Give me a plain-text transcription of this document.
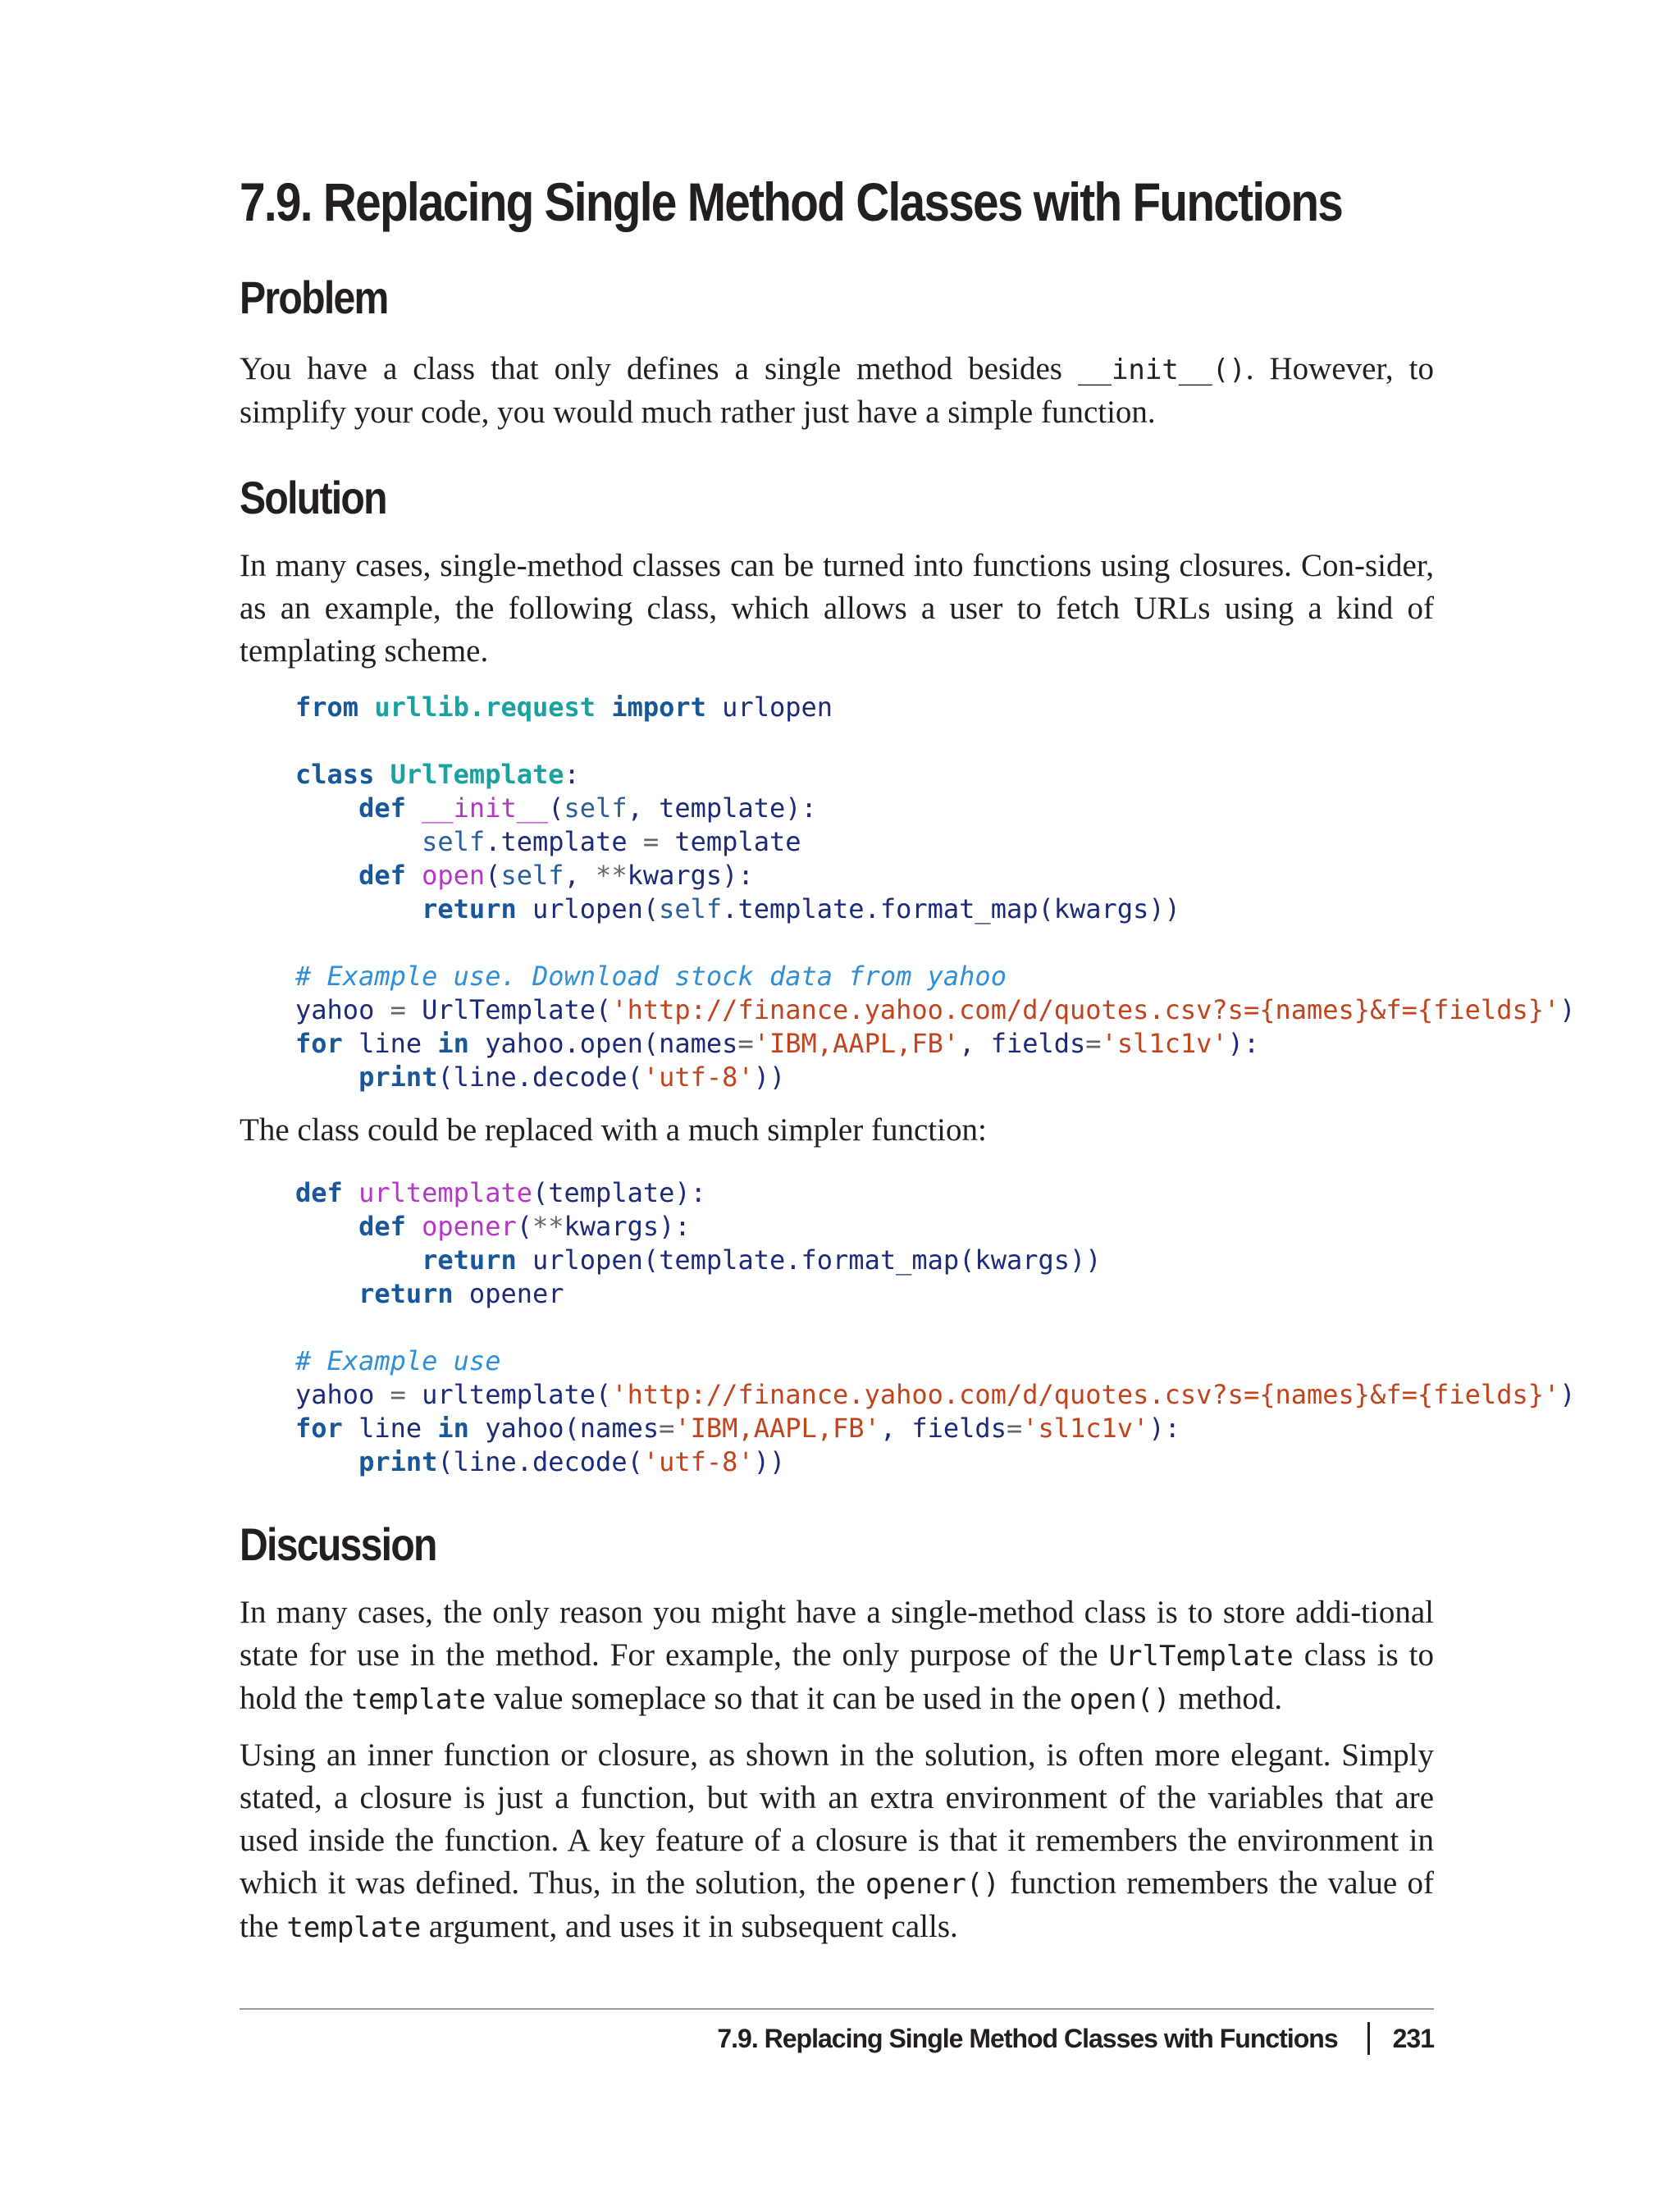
7.9. Replacing Single Method Classes with Functions
Problem

You have a class that only defines a single method besides __init__(). However, to simplify your code, you would much rather just have a simple function.

Solution

In many cases, single-method classes can be turned into functions using closures. Con-sider, as an example, the following class, which allows a user to fetch URLs using a kind of templating scheme.

from urllib.request import urlopen

class UrlTemplate:
def __init__(self, template):
self.template = template
def open(self, **kwargs):
return urlopen(self.template.format_map(kwargs))

# Example use. Download stock data from yahoo
yahoo = UrlTemplate('http://finance.yahoo.com/d/quotes.csv?s={names}&f={fields}')
for line in yahoo.open(names='IBM,AAPL,FB', fields='sl1c1v'):
print(line.decode('utf-8'))

The class could be replaced with a much simpler function:

def urltemplate(template):
def opener(**kwargs):
return urlopen(template.format_map(kwargs))
return opener

# Example use
yahoo = urltemplate('http://finance.yahoo.com/d/quotes.csv?s={names}&f={fields}')
for line in yahoo(names='IBM,AAPL,FB', fields='sl1c1v'):
print(line.decode('utf-8'))
Discussion

In many cases, the only reason you might have a single-method class is to store addi-tional state for use in the method. For example, the only purpose of the UrlTemplate class is to hold the template value someplace so that it can be used in the open() method.

Using an inner function or closure, as shown in the solution, is often more elegant. Simply stated, a closure is just a function, but with an extra environment of the variables that are used inside the function. A key feature of a closure is that it remembers the environment in which it was defined. Thus, in the solution, the opener() function remembers the value of the template argument, and uses it in subsequent calls.

7.9. Replacing Single Method Classes with Functions 231
